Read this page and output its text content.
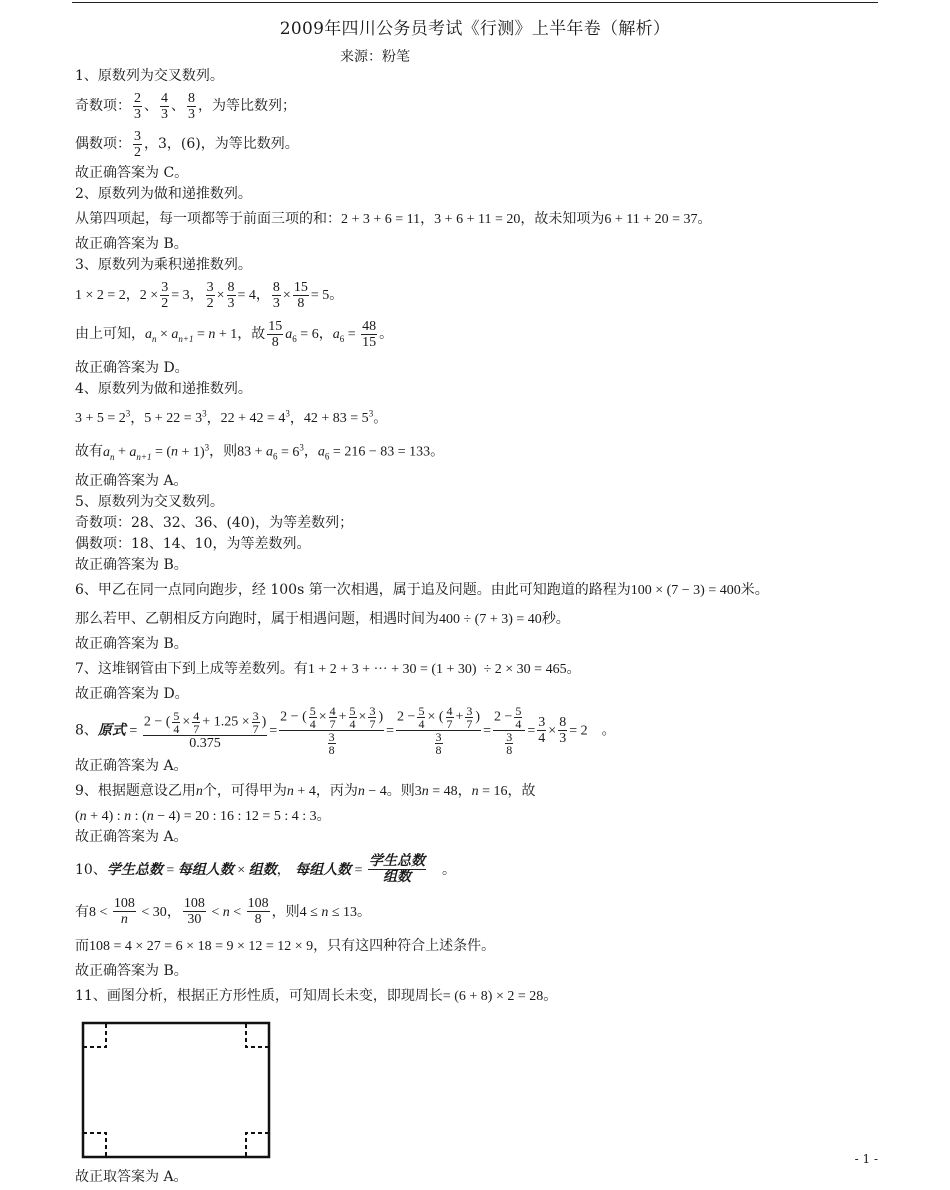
2009年四川公务员考试《行测》上半年卷（解析）
来源：粉笔
1、原数列为交叉数列。
奇数项： $\frac{2}{3}$ 、 $\frac{4}{3}$ 、 $\frac{8}{3}$ ，为等比数列；
偶数项： $\frac{3}{2}$ ，3，(6)，为等比数列。
故正确答案为 C。
2、原数列为做和递推数列。
从第四项起，每一项都等于前面三项的和：2 + 3 + 6 = 11，3 + 6 + 11 = 20，故未知项为6 + 11 + 20 = 37。
故正确答案为 B。
3、原数列为乘积递推数列。
1 × 2 = 2，$2 \times \frac{3}{2} = 3$， $\frac{3}{2} \times \frac{8}{3} = 4$， $\frac{8}{3} \times \frac{15}{8} = 5$。
由上可知，$a_n \times a_{n+1} = n + 1$，故 $\frac{15}{8} a_6 = 6$，$a_6 = \frac{48}{15}$ 。
故正确答案为 D。
4、原数列为做和递推数列。
$3 + 5 = 2^3$，$5 + 22 = 3^3$，$22 + 42 = 4^3$，$42 + 83 = 5^3$。
故有$a_n + a_{n+1} = (n + 1)^3$，则$83 + a_6 = 6^3$，$a_6 = 216 - 83 = 133$。
故正确答案为 A。
5、原数列为交叉数列。
奇数项：28、32、36、(40)，为等差数列；
偶数项：18、14、10，为等差数列。
故正确答案为 B。
6、甲乙在同一点同向跑步，经 100s 第一次相遇，属于追及问题。由此可知跑道的路程为100 × (7 − 3) = 400米。
那么若甲、乙朝相反方向跑时，属于相遇问题，相遇时间为400 ÷ (7 + 3) = 40秒。
故正确答案为 B。
7、这堆钢管由下到上成等差数列。有1 + 2 + 3 + ··· + 30 = (1 + 30)  ÷ 2 × 30 = 465。
故正确答案为 D。
8、原式 = $\frac{2 - ( \frac{5}{4} \times \frac{4}{7} + 1.25 \times \frac{3}{7} )}{0.375} = \frac{2 - ( \frac{5}{4} \times \frac{4}{7} + \frac{5}{4} \times \frac{3}{7} )}{\frac{3}{8}} = \frac{2 - \frac{5}{4} \times ( \frac{4}{7} + \frac{3}{7} )}{\frac{3}{8}} = \frac{2 - \frac{5}{4}}{\frac{3}{8}} = \frac{3}{4} \times \frac{8}{3} = 2$　。
故正确答案为 A。
9、根据题意设乙用n个，可得甲为n + 4，丙为n − 4。则3n = 48，n = 16，故
(n + 4) : n : (n − 4) = 20 : 16 : 12 = 5 : 4 : 3。
故正确答案为 A。
10、学生总数 = 每组人数 × 组数， 每组人数 = $\frac{\text{学生总数}}{\text{组数}}$ 　。
有$8 < \frac{108}{n} < 30$， $\frac{108}{30} < n < \frac{108}{8}$ ，则4 ≤ n ≤ 13。
而108 = 4 × 27 = 6 × 18 = 9 × 12 = 12 × 9，只有这四种符合上述条件。
故正确答案为 B。
11、画图分析，根据正方形性质，可知周长未变，即现周长= (6 + 8) × 2 = 28。
故正取答案为 A。
- 1 -
